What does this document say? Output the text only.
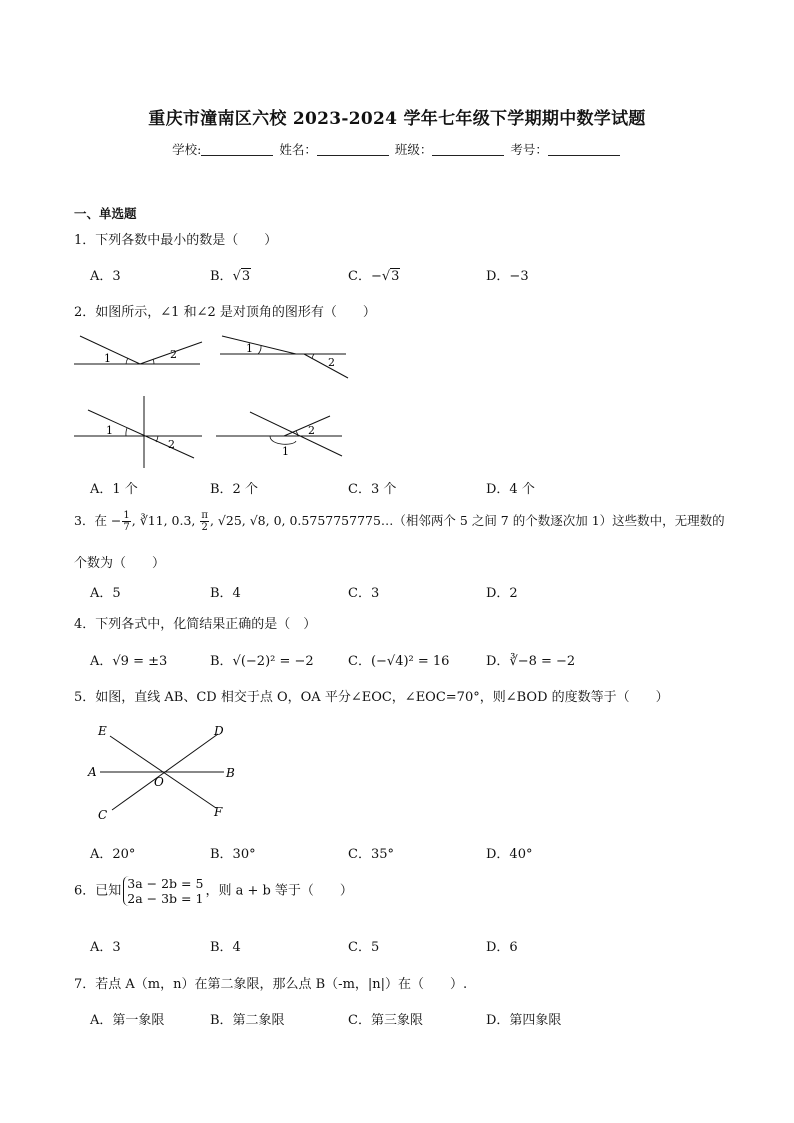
重庆市潼南区六校 2023-2024 学年七年级下学期期中数学试题
学校:	姓名：	班级：	考号：
一、单选题
1．下列各数中最小的数是（　　）
A．3	B．√3	C．−√3	D．−3
2．如图所示，∠1 和∠2 是对顶角的图形有（　　）
1	2	1
2
1
2
2
1
A．1 个	B．2 个	C．3 个	D．4 个
3．在 − $\frac{1}{7}$ , ∛11, 0.3, $\frac{\pi}{2}$ , √25, √8, 0, 0.5757757775…（相邻两个 5 之间 7 的个数逐次加 1）这些数中，无理数的
个数为（　　）
A．5	B．4	C．3	D．2
4．下列各式中，化简结果正确的是（　）
A．√9 = ±3	B．√(−2)² = −2	C．(−√4)² = 16	D．∛−8 = −2
5．如图，直线 AB、CD 相交于点 O，OA 平分∠EOC，∠EOC=70°，则∠BOD 的度数等于（　　）
E	D
A
O
B
C	F
A．20°	B．30°	C．35°	D．40°
6．已知 3a − 2b = 5
2a − 3b = 1 ，则 a + b 等于（　　）
A．3	B．4	C．5	D．6
7．若点 A（m，n）在第二象限，那么点 B（-m，|n|）在（　　）.
A．第一象限	B．第二象限	C．第三象限	D．第四象限
